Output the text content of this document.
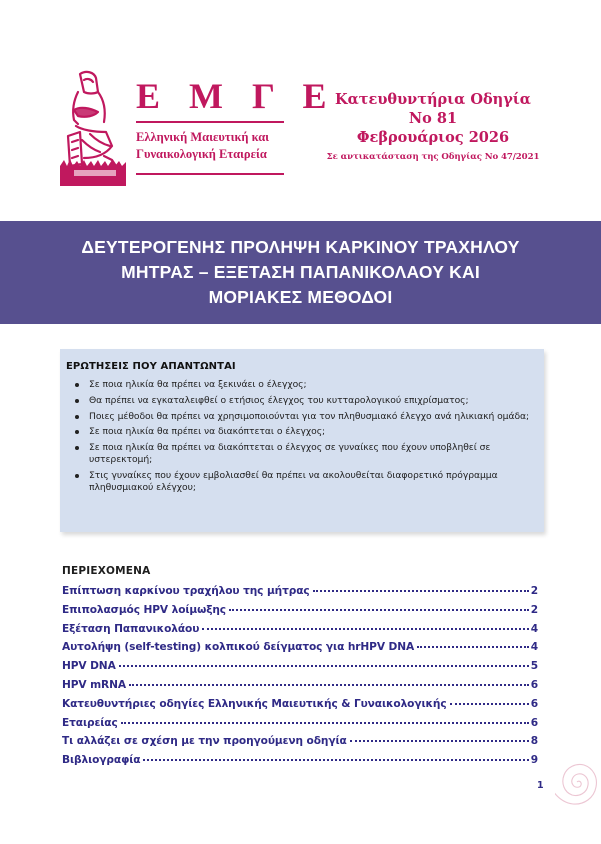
Ε Μ Γ Ε
Ελληνική Μαιευτική και
Γυναικολογική Εταιρεία
Κατευθυντήρια Οδηγία
Νο 81
Φεβρουάριος 2026
Σε αντικατάσταση της Οδηγίας Νο 47/2021
ΔΕΥΤΕΡΟΓΕΝΗΣ ΠΡΟΛΗΨΗ ΚΑΡΚΙΝΟΥ ΤΡΑΧΗΛΟΥ
ΜΗΤΡΑΣ – ΕΞΕΤΑΣΗ ΠΑΠΑΝΙΚΟΛΑΟΥ ΚΑΙ
ΜΟΡΙΑΚΕΣ ΜΕΘΟΔΟΙ
ΕΡΩΤΗΣΕΙΣ ΠΟΥ ΑΠΑΝΤΩΝΤΑΙ
Σε ποια ηλικία θα πρέπει να ξεκινάει ο έλεγχος;
Θα πρέπει να εγκαταλειφθεί ο ετήσιος έλεγχος του κυτταρολογικού επιχρίσματος;
Ποιες μέθοδοι θα πρέπει να χρησιμοποιούνται για τον πληθυσμιακό έλεγχο ανά ηλικιακή ομάδα;
Σε ποια ηλικία θα πρέπει να διακόπτεται ο έλεγχος;
Σε ποια ηλικία θα πρέπει να διακόπτεται ο έλεγχος σε γυναίκες που έχουν υποβληθεί σε υστερεκτομή;
Στις γυναίκες που έχουν εμβολιασθεί θα πρέπει να ακολουθείται διαφορετικό πρόγραμμα πληθυσμιακού ελέγχου;
ΠΕΡΙΕΧΟΜΕΝΑ
Επίπτωση καρκίνου τραχήλου της μήτρας	2
Επιπολασμός HPV λοίμωξης	2
Εξέταση Παπανικολάου	4
Αυτολήψη (self-testing) κολπικού δείγματος για hrHPV DNA	4
HPV DNA	5
HPV mRNA	6
Κατευθυντήριες οδηγίες Ελληνικής Μαιευτικής & Γυναικολογικής	6
Εταιρείας	6
Τι αλλάζει σε σχέση με την προηγούμενη οδηγία	8
Βιβλιογραφία	9
1
